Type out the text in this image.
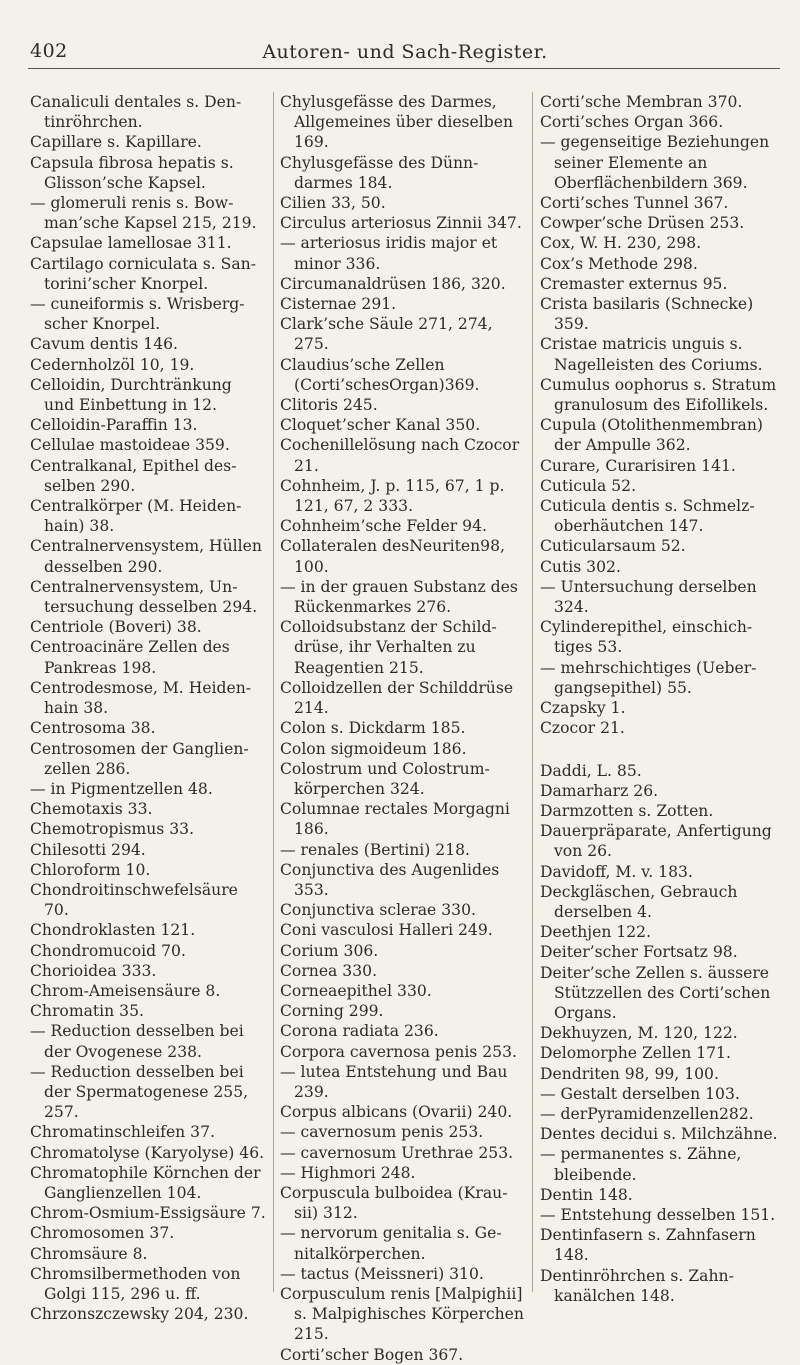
402	Autoren- und Sach-Register.

Canaliculi dentales s. Dentinröhrchen.

Capillare s. Kapillare.

Capsula fibrosa hepatis s. Glisson’sche Kapsel.

— glomeruli renis s. Bowman’sche Kapsel 215, 219.

Capsulae lamellosae 311.

Cartilago corniculata s. Santorini’scher Knorpel.

— cuneiformis s. Wrisbergscher Knorpel.

Cavum dentis 146.

Cedernholzöl 10, 19.

Celloidin, Durchtränkung und Einbettung in 12.

Celloidin-Paraffin 13.

Cellulae mastoideae 359.

Centralkanal, Epithel desselben 290.

Centralkörper (M. Heidenhain) 38.

Centralnervensystem, Hüllen desselben 290.

Centralnervensystem, Untersuchung desselben 294.

Centriole (Boveri) 38.

Centroacinäre Zellen des Pankreas 198.

Centrodesmose, M. Heidenhain 38.

Centrosoma 38.

Centrosomen der Ganglienzellen 286.

— in Pigmentzellen 48.

Chemotaxis 33.

Chemotropismus 33.

Chilesotti 294.

Chloroform 10.

Chondroitinschwefelsäure 70.

Chondroklasten 121.

Chondromucoid 70.

Chorioidea 333.

Chrom-Ameisensäure 8.

Chromatin 35.

— Reduction desselben bei der Ovogenese 238.

— Reduction desselben bei der Spermatogenese 255, 257.

Chromatinschleifen 37.

Chromatolyse (Karyolyse) 46.

Chromatophile Körnchen der Ganglienzellen 104.

Chrom-Osmium-Essigsäure 7.

Chromosomen 37.

Chromsäure 8.

Chromsilbermethoden von Golgi 115, 296 u. ff.

Chrzonszczewsky 204, 230.

Chylusgefässe des Darmes, Allgemeines über dieselben 169.

Chylusgefässe des Dünndarmes 184.

Cilien 33, 50.

Circulus arteriosus Zinnii 347.

— arteriosus iridis major et minor 336.

Circumanaldrüsen 186, 320.

Cisternae 291.

Clark’sche Säule 271, 274, 275.

Claudius’sche Zellen (Corti’schesOrgan)369.

Clitoris 245.

Cloquet’scher Kanal 350.

Cochenillelösung nach Czocor 21.

Cohnheim, J. p. 115, 67, 1 p. 121, 67, 2 333.

Cohnheim’sche Felder 94.

Collateralen desNeuriten98, 100.

— in der grauen Substanz des Rückenmarkes 276.

Colloidsubstanz der Schilddrüse, ihr Verhalten zu Reagentien 215.

Colloidzellen der Schilddrüse 214.

Colon s. Dickdarm 185.

Colon sigmoideum 186.

Colostrum und Colostrumkörperchen 324.

Columnae rectales Morgagni 186.

— renales (Bertini) 218.

Conjunctiva des Augenlides 353.

Conjunctiva sclerae 330.

Coni vasculosi Halleri 249.

Corium 306.

Cornea 330.

Corneaepithel 330.

Corning 299.

Corona radiata 236.

Corpora cavernosa penis 253.

— lutea Entstehung und Bau 239.

Corpus albicans (Ovarii) 240.

— cavernosum penis 253.

— cavernosum Urethrae 253.

— Highmori 248.

Corpuscula bulboidea (Krausii) 312.

— nervorum genitalia s. Genitalkörperchen.

— tactus (Meissneri) 310.

Corpusculum renis [Malpighii] s. Malpighisches Körperchen 215.

Corti’scher Bogen 367.

Corti’sche Membran 370.

Corti’sches Organ 366.

— gegenseitige Beziehungen seiner Elemente an Oberflächenbildern 369.

Corti’sches Tunnel 367.

Cowper’sche Drüsen 253.

Cox, W. H. 230, 298.

Cox’s Methode 298.

Cremaster externus 95.

Crista basilaris (Schnecke) 359.

Cristae matricis unguis s. Nagelleisten des Coriums.

Cumulus oophorus s. Stratum granulosum des Eifollikels.

Cupula (Otolithenmembran) der Ampulle 362.

Curare, Curarisiren 141.

Cuticula 52.

Cuticula dentis s. Schmelzoberhäutchen 147.

Cuticularsaum 52.

Cutis 302.

— Untersuchung derselben 324.

Cylinderepithel, einschichtiges 53.

— mehrschichtiges (Uebergangsepithel) 55.

Czapsky 1.

Czocor 21.

Daddi, L. 85.

Damarharz 26.

Darmzotten s. Zotten.

Dauerpräparate, Anfertigung von 26.

Davidoff, M. v. 183.

Deckgläschen, Gebrauch derselben 4.

Deethjen 122.

Deiter’scher Fortsatz 98.

Deiter’sche Zellen s. äussere Stützzellen des Corti’schen Organs.

Dekhuyzen, M. 120, 122.

Delomorphe Zellen 171.

Dendriten 98, 99, 100.

— Gestalt derselben 103.

— derPyramidenzellen282.

Dentes decidui s. Milchzähne.

— permanentes s. Zähne, bleibende.

Dentin 148.

— Entstehung desselben 151.

Dentinfasern s. Zahnfasern 148.

Dentinröhrchen s. Zahnkanälchen 148.
